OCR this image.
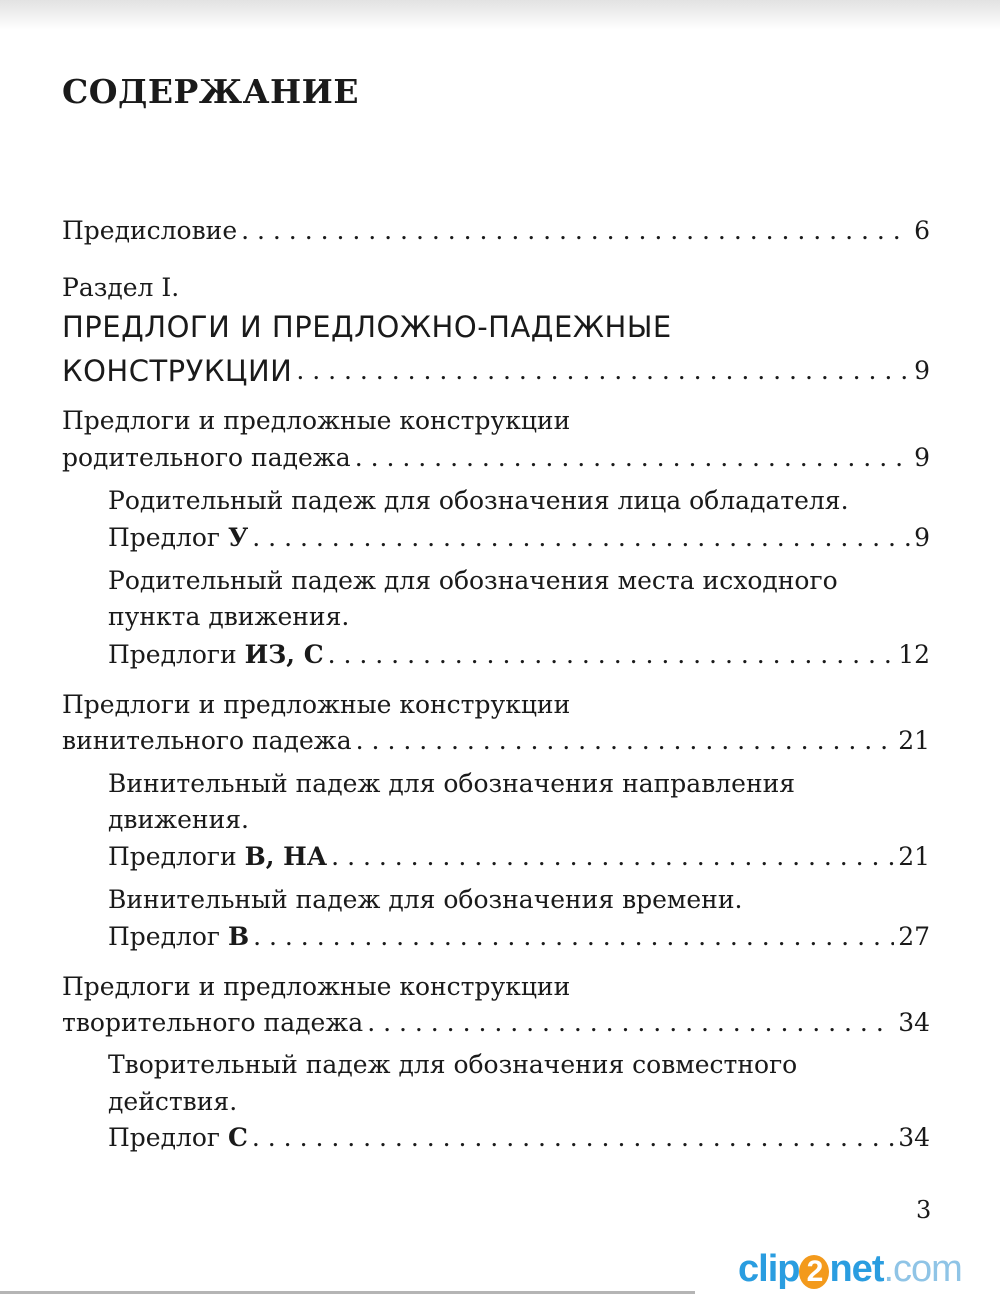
СОДЕРЖАНИЕ
Предисловие . . .	6
Раздел I.
ПРЕДЛОГИ И ПРЕДЛОЖНО-ПАДЕЖНЫЕ
КОНСТРУКЦИИ . . .	9
Предлоги и предложные конструкции
родительного падежа . . .	9
Родительный падеж для обозначения лица обладателя.
Предлог У . . .	9
Родительный падеж для обозначения места исходного
пункта движения.
Предлоги ИЗ, С . . .	12
Предлоги и предложные конструкции
винительного падежа . . .	21
Винительный падеж для обозначения направления
движения.
Предлоги В, НА . . .	21
Винительный падеж для обозначения времени.
Предлог В . . .	27
Предлоги и предложные конструкции
творительного падежа . . .	34
Творительный падеж для обозначения совместного
действия.
Предлог С . . .	34
3
clip 2 net.com
